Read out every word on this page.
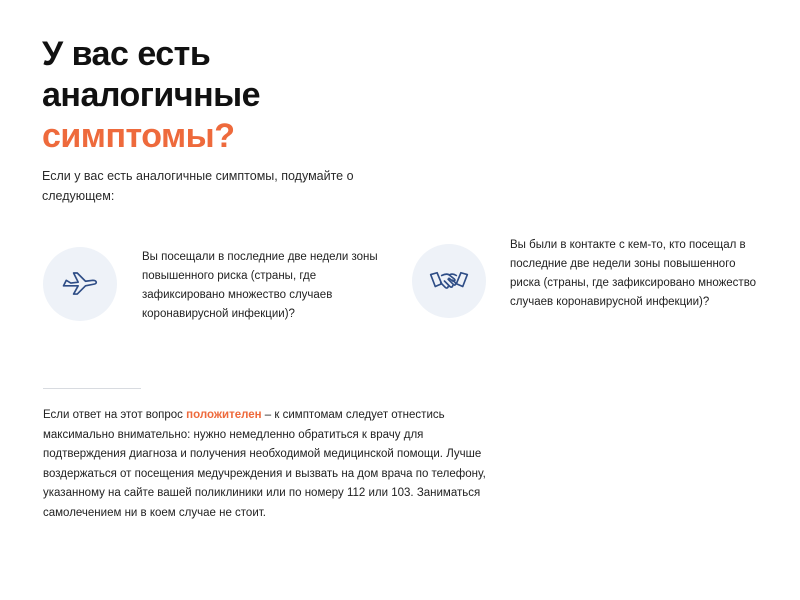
У вас есть
аналогичные
симптомы?

Если у вас есть аналогичные симптомы, подумайте о следующем:

Вы посещали в последние две недели зоны повышенного риска (страны, где зафиксировано множество случаев коронавирусной инфекции)?

Вы были в контакте с кем-то, кто посещал в последние две недели зоны повышенного риска (страны, где зафиксировано множество случаев коронавирусной инфекции)?

Если ответ на этот вопрос положителен – к симптомам следует отнестись максимально внимательно: нужно немедленно обратиться к врачу для подтверждения диагноза и получения необходимой медицинской помощи. Лучше воздержаться от посещения медучреждения и вызвать на дом врача по телефону, указанному на сайте вашей поликлиники или по номеру 112 или 103. Заниматься самолечением ни в коем случае не стоит.
